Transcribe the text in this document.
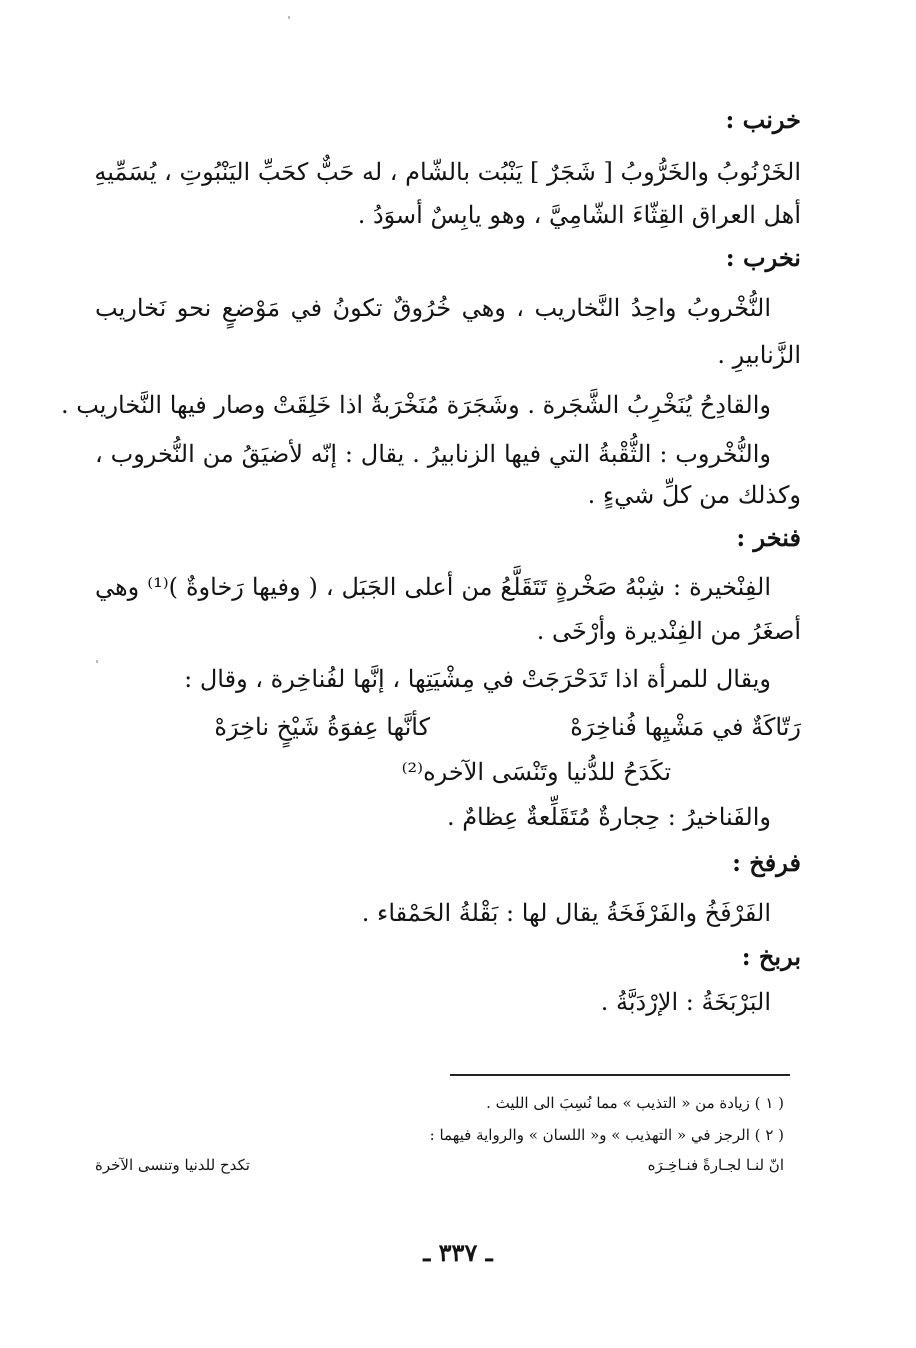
خرنب :
الخَرْنُوبُ والخَرُّوبُ [ شَجَرٌ ] يَنْبُت بالشّام ، له حَبٌّ كحَبِّ اليَنْبُوتِ ، يُسَمِّيهِ
أهل العراق القِثّاءَ الشّامِيَّ ، وهو يابِسٌ أسوَدُ .
نخرب :
النُّخْروبُ واحِدُ النَّخاريب ، وهي خُرُوقٌ تكونُ في مَوْضعٍ نحو نَخاريب
الزَّنابيرِ .
والقادِحُ يُنَخْرِبُ الشَّجَرة . وشَجَرَة مُنَخْرَبةٌ اذا خَلِقَتْ وصار فيها النَّخاريب .
والنُّخْروب : الثُّقْبةُ التي فيها الزنابيرُ . يقال : إنّه لأضيَقُ من النُّخروب ،
وكذلك من كلِّ شيءٍ .
فنخر :
الفِنْخيرة : شِبْهُ صَخْرةٍ تَتَقَلَّعُ من أعلى الجَبَل ، ( وفيها رَخاوةٌ )⁽¹⁾ وهي
أصغَرُ من الفِنْديرة وأرْخَى .
ويقال للمرأة اذا تَدَحْرَجَتْ في مِشْيَتِها ، إنَّها لفُناخِرة ، وقال :
رَتّاكَةٌ في مَشْيِها فُناخِرَهْ
كأنَّها عِفوَةُ شَيْخٍ ناخِرَهْ
تكَدَحُ للدُّنيا وتَنْسَى الآخره⁽²⁾
والفَناخيرُ : حِجارةٌ مُتَقَلِّعةٌ عِظامٌ .
فرفخ :
الفَرْفَخُ والفَرْفَخَةُ يقال لها : بَقْلةُ الحَمْقاء .
بربخ :
البَرْبَخَةُ : الإرْدَبَّةُ .
( ١ ) زيادة من « التذيب » مما نُسِبَ الى الليث .
( ٢ ) الرجز في « التهذيب » و« اللسان » والرواية فيهما :
انّ لنـا لجـارةً فنـاخِـرَه
تكدح للدنيا وتنسى الآخرة
ـ ٣٣٧ ـ
